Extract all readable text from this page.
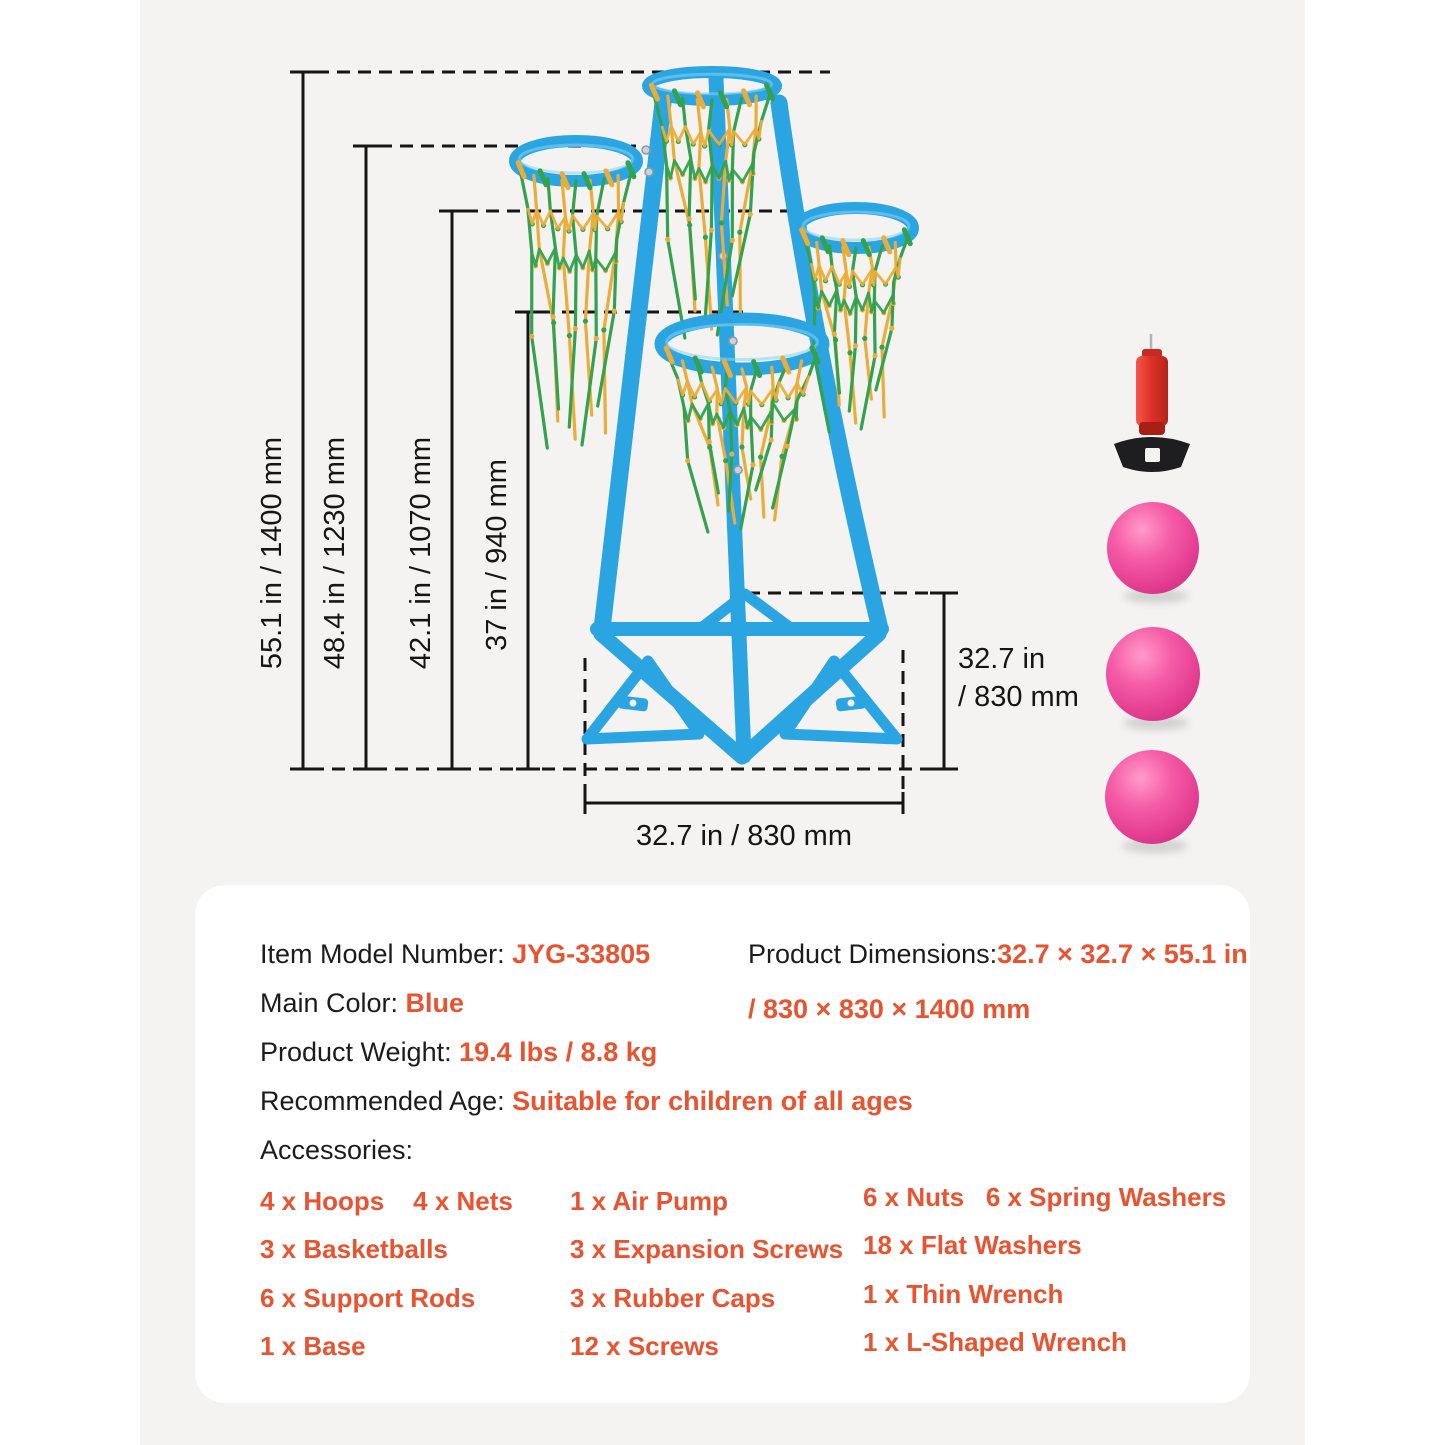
55.1 in / 1400 mm 48.4 in / 1230 mm 42.1 in / 1070 mm 37 in / 940 mm
32.7 in
/ 830 mm
32.7 in / 830 mm
Item Model Number: JYG-33805
Main Color: Blue
Product Weight: 19.4 lbs / 8.8 kg
Recommended Age: Suitable for children of all ages
Accessories:
Product Dimensions:32.7 × 32.7 × 55.1 in
/ 830 × 830 × 1400 mm
4 x Hoops    4 x Nets
3 x Basketballs
6 x Support Rods
1 x Base
1 x Air Pump
3 x Expansion Screws
3 x Rubber Caps
12 x Screws
6 x Nuts   6 x Spring Washers
18 x Flat Washers
1 x Thin Wrench
1 x L-Shaped Wrench
